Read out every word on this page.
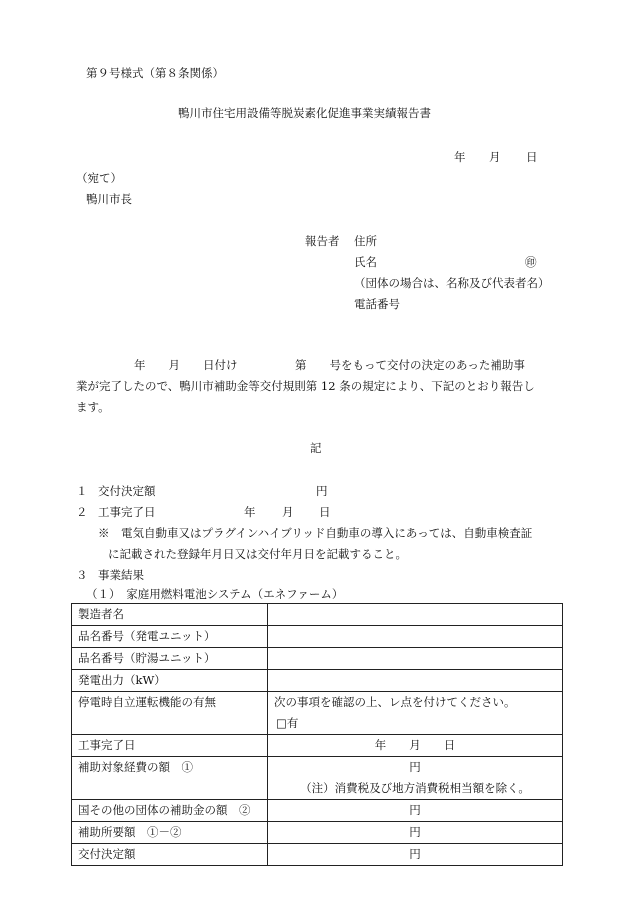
第９号様式（第８条関係）
鴨川市住宅用設備等脱炭素化促進事業実績報告書
年 月 日
（宛て）
鴨川市長
報告者 住所
氏名	㊞
（団体の場合は、名称及び代表者名）
電話番号
年　　月　　日付け　　　　　第　　号をもって交付の決定のあった補助事
業が完了したので、鴨川市補助金等交付規則第 12 条の規定により、下記のとおり報告し
ます。
記
１ 交付決定額	円
２ 工事完了日	年 月 日
※　電気自動車又はプラグインハイブリッド自動車の導入にあっては、自動車検査証
に記載された登録年月日又は交付年月日を記載すること。
３ 事業結果
（１）　家庭用燃料電池システム（エネファーム）
製造者名	
品名番号（発電ユニット）	
品名番号（貯湯ユニット）	
発電出力（kW）	
停電時自立運転機能の有無	次の事項を確認の上、レ点を付けてください。
□有

工事完了日	年　　月　　日
補助対象経費の額　①	円
（注）消費税及び地方消費税相当額を除く。

国その他の団体の補助金の額　②	円
補助所要額　①－②	円
交付決定額	円
